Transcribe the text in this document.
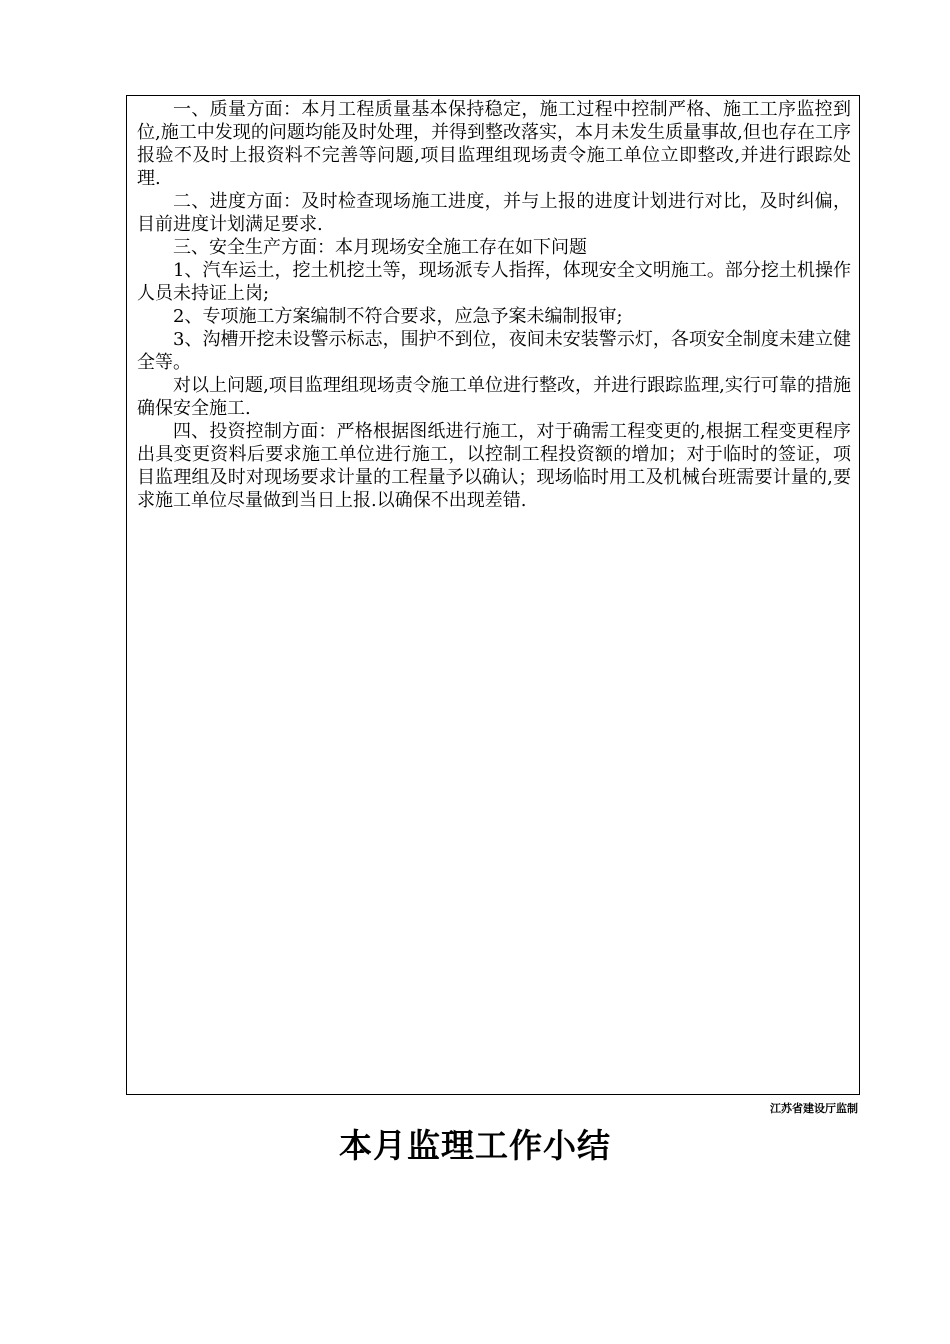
一、质量方面：本月工程质量基本保持稳定，施工过程中控制严格、施工工序监控到位,施工中发现的问题均能及时处理，并得到整改落实，本月未发生质量事故,但也存在工序报验不及时上报资料不完善等问题,项目监理组现场责令施工单位立即整改,并进行跟踪处理.

二、进度方面：及时检查现场施工进度，并与上报的进度计划进行对比，及时纠偏，目前进度计划满足要求.

三、安全生产方面：本月现场安全施工存在如下问题

1、汽车运土，挖土机挖土等，现场派专人指挥，体现安全文明施工。部分挖土机操作人员未持证上岗;

2、专项施工方案编制不符合要求，应急予案未编制报审;

3、沟槽开挖未设警示标志，围护不到位，夜间未安装警示灯，各项安全制度未建立健全等。

对以上问题,项目监理组现场责令施工单位进行整改，并进行跟踪监理,实行可靠的措施确保安全施工.

四、投资控制方面：严格根据图纸进行施工，对于确需工程变更的,根据工程变更程序出具变更资料后要求施工单位进行施工，以控制工程投资额的增加；对于临时的签证，项目监理组及时对现场要求计量的工程量予以确认；现场临时用工及机械台班需要计量的,要求施工单位尽量做到当日上报.以确保不出现差错.

江苏省建设厅监制
本月监理工作小结
